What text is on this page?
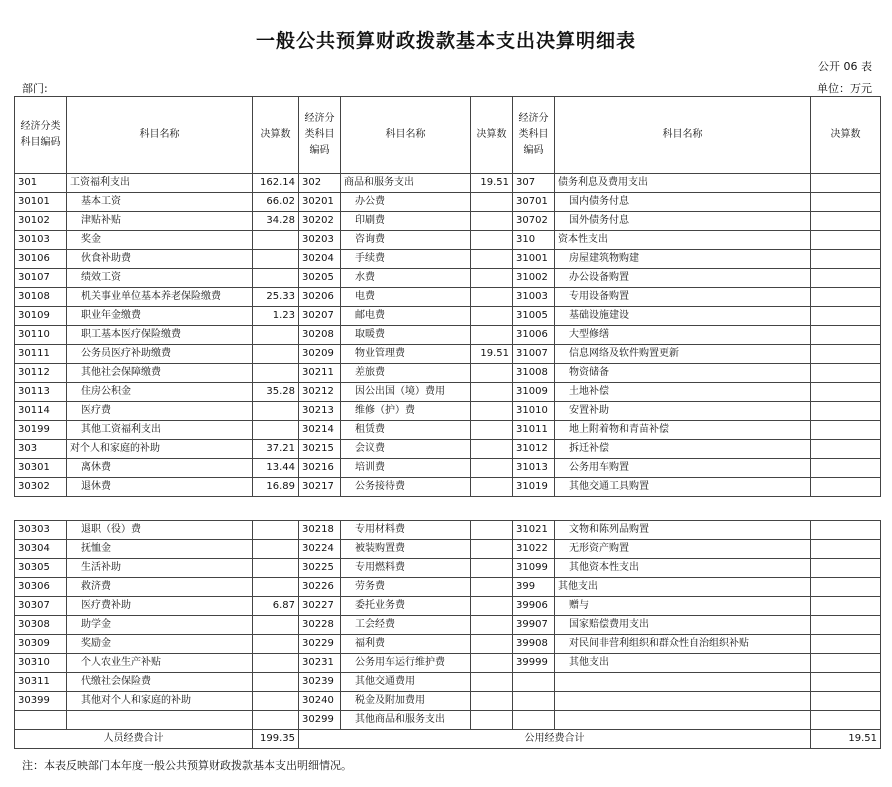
一般公共预算财政拨款基本支出决算明细表
公开 06 表
部门:	单位：万元
经济分类科目编码	科目名称	决算数	经济分类科目编码	科目名称	决算数	经济分类科目编码	科目名称	决算数
301	工资福利支出	162.14	302	商品和服务支出	19.51	307	债务利息及费用支出	
30101	基本工资	66.02	30201	办公费		30701	国内债务付息	
30102	津贴补贴	34.28	30202	印刷费		30702	国外债务付息	
30103	奖金		30203	咨询费		310	资本性支出	
30106	伙食补助费		30204	手续费		31001	房屋建筑物购建	
30107	绩效工资		30205	水费		31002	办公设备购置	
30108	机关事业单位基本养老保险缴费	25.33	30206	电费		31003	专用设备购置	
30109	职业年金缴费	1.23	30207	邮电费		31005	基础设施建设	
30110	职工基本医疗保险缴费		30208	取暖费		31006	大型修缮	
30111	公务员医疗补助缴费		30209	物业管理费	19.51	31007	信息网络及软件购置更新	
30112	其他社会保障缴费		30211	差旅费		31008	物资储备	
30113	住房公积金	35.28	30212	因公出国（境）费用		31009	土地补偿	
30114	医疗费		30213	维修（护）费		31010	安置补助	
30199	其他工资福利支出		30214	租赁费		31011	地上附着物和青苗补偿	
303	对个人和家庭的补助	37.21	30215	会议费		31012	拆迁补偿	
30301	离休费	13.44	30216	培训费		31013	公务用车购置	
30302	退休费	16.89	30217	公务接待费		31019	其他交通工具购置	
30303	退职（役）费		30218	专用材料费		31021	文物和陈列品购置	
30304	抚恤金		30224	被装购置费		31022	无形资产购置	
30305	生活补助		30225	专用燃料费		31099	其他资本性支出	
30306	救济费		30226	劳务费		399	其他支出	
30307	医疗费补助	6.87	30227	委托业务费		39906	赠与	
30308	助学金		30228	工会经费		39907	国家赔偿费用支出	
30309	奖励金		30229	福利费		39908	对民间非营利组织和群众性自治组织补贴	
30310	个人农业生产补贴		30231	公务用车运行维护费		39999	其他支出	
30311	代缴社会保险费		30239	其他交通费用				
30399	其他对个人和家庭的补助		30240	税金及附加费用				
			30299	其他商品和服务支出				
人员经费合计		199.35	公用经费合计					19.51
注：本表反映部门本年度一般公共预算财政拨款基本支出明细情况。
